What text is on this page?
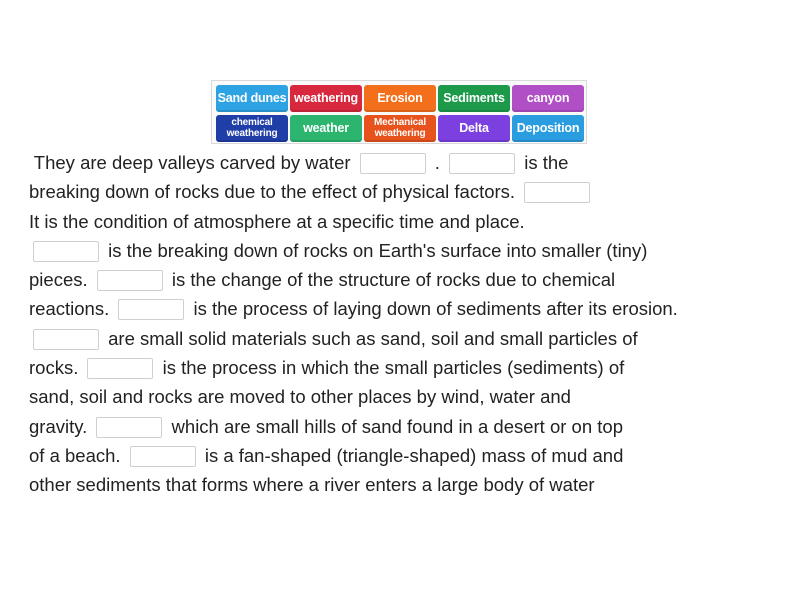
Sand dunes weathering	Erosion	Sediments	canyon
chemical weathering	weather	Mechanical weathering	Delta	Deposition
They are deep valleys carved by water	.	is the
breaking down of rocks due to the effect of physical factors.
It is the condition of atmosphere at a specific time and place.
is the breaking down of rocks on Earth's surface into smaller (tiny)
pieces.	is the change of the structure of rocks due to chemical
reactions.	is the process of laying down of sediments after its erosion.
are small solid materials such as sand, soil and small particles of
rocks.	is the process in which the small particles (sediments) of
sand, soil and rocks are moved to other places by wind, water and
gravity.	which are small hills of sand found in a desert or on top
of a beach.	is a fan-shaped (triangle-shaped) mass of mud and
other sediments that forms where a river enters a large body of water
